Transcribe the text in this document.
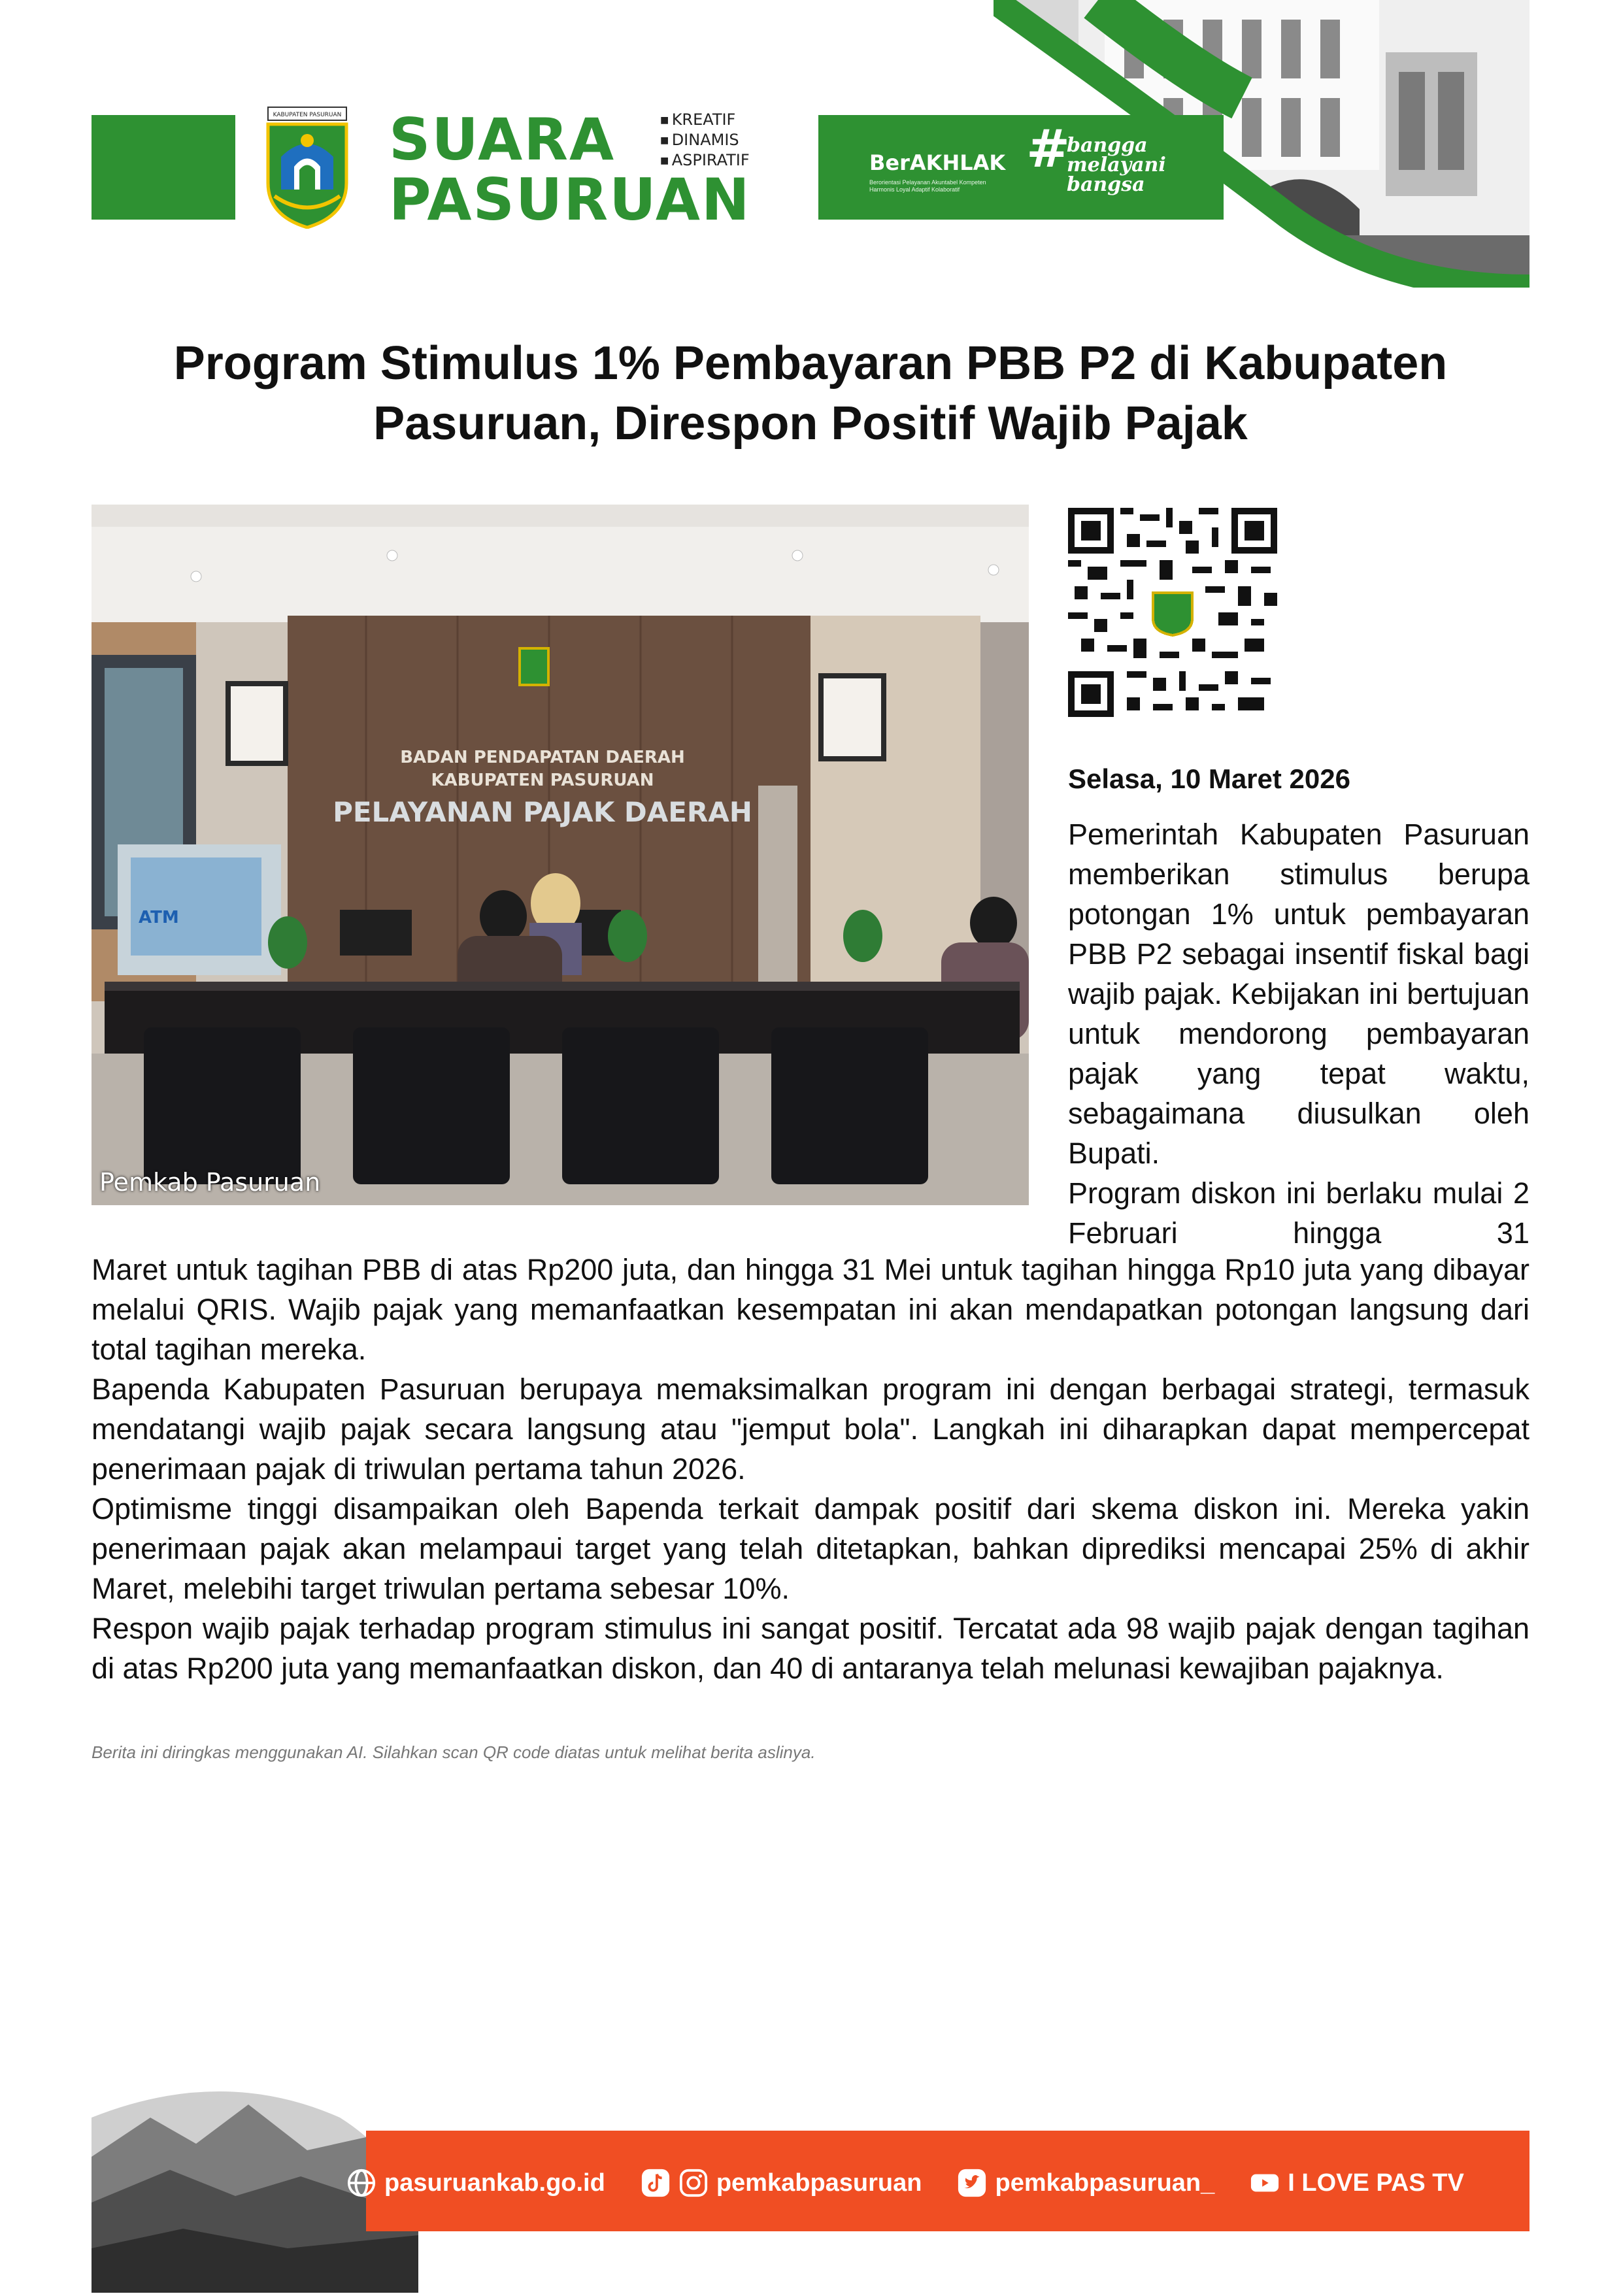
KABUPATEN PASURUAN SUARA
PASURUAN
■ KREATIF
■ DINAMIS
■ ASPIRATIF	BerAKHLAK
Berorientasi Pelayanan Akuntabel Kompeten Harmonis Loyal Adaptif Kolaboratif
#
bangga
melayani
bangsa
Program Stimulus 1% Pembayaran PBB P2 di Kabupaten Pasuruan, Direspon Positif Wajib Pajak
BADAN PENDAPATAN DAERAH
KABUPATEN PASURUAN
PELAYANAN PAJAK DAERAH
ATM
Pemkab Pasuruan
Selasa, 10 Maret 2026

Pemerintah Kabupaten Pasuruan memberikan stimulus berupa potongan 1% untuk pembayaran PBB P2 sebagai insentif fiskal bagi wajib pajak. Kebijakan ini bertujuan untuk mendorong pembayaran pajak yang tepat waktu, sebagaimana diusulkan oleh Bupati.

Program diskon ini berlaku mulai 2 Februari hingga 31

Maret untuk tagihan PBB di atas Rp200 juta, dan hingga 31 Mei untuk tagihan hingga Rp10 juta yang dibayar melalui QRIS. Wajib pajak yang memanfaatkan kesempatan ini akan mendapatkan potongan langsung dari total tagihan mereka.

Bapenda Kabupaten Pasuruan berupaya memaksimalkan program ini dengan berbagai strategi, termasuk mendatangi wajib pajak secara langsung atau "jemput bola". Langkah ini diharapkan dapat mempercepat penerimaan pajak di triwulan pertama tahun 2026.

Optimisme tinggi disampaikan oleh Bapenda terkait dampak positif dari skema diskon ini. Mereka yakin penerimaan pajak akan melampaui target yang telah ditetapkan, bahkan diprediksi mencapai 25% di akhir Maret, melebihi target triwulan pertama sebesar 10%.

Respon wajib pajak terhadap program stimulus ini sangat positif. Tercatat ada 98 wajib pajak dengan tagihan di atas Rp200 juta yang memanfaatkan diskon, dan 40 di antaranya telah melunasi kewajiban pajaknya.

Berita ini diringkas menggunakan AI. Silahkan scan QR code diatas untuk melihat berita aslinya.
pasuruankab.go.id	pemkabpasuruan	pemkabpasuruan_	I LOVE PAS TV
